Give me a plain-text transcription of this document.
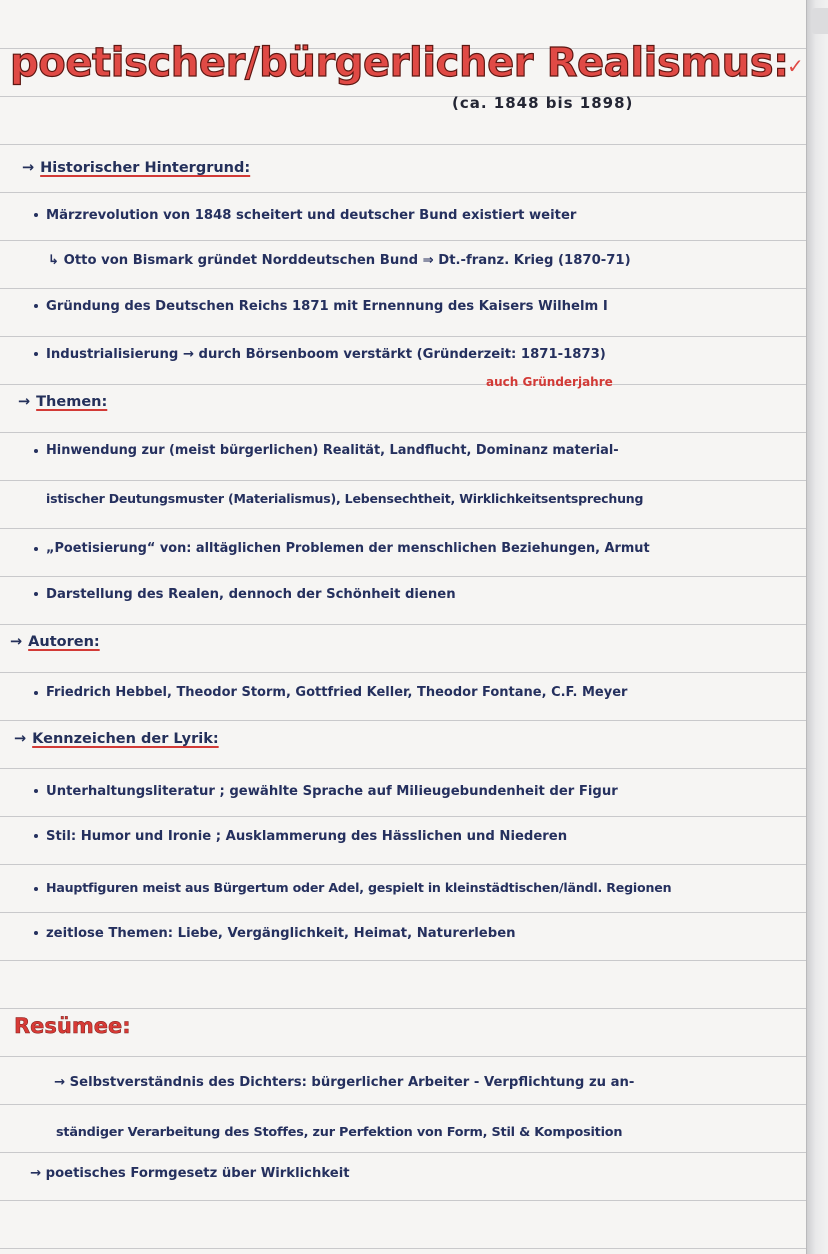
poetischer/bürgerlicher Realismus:
✓
(ca. 1848 bis 1898)
→ Historischer Hintergrund:
Märzrevolution von 1848 scheitert und deutscher Bund existiert weiter
↳ Otto von Bismark gründet Norddeutschen Bund ⇒ Dt.-franz. Krieg (1870-71)
Gründung des Deutschen Reichs 1871 mit Ernennung des Kaisers Wilhelm I
Industrialisierung → durch Börsenboom verstärkt (Gründerzeit: 1871-1873)
auch Gründerjahre
→ Themen:
Hinwendung zur (meist bürgerlichen) Realität, Landflucht, Dominanz material-
istischer Deutungsmuster (Materialismus), Lebensechtheit, Wirklichkeitsentsprechung
„Poetisierung“ von: alltäglichen Problemen der menschlichen Beziehungen, Armut
Darstellung des Realen, dennoch der Schönheit dienen
→ Autoren:
Friedrich Hebbel, Theodor Storm, Gottfried Keller, Theodor Fontane, C.F. Meyer
→ Kennzeichen der Lyrik:
Unterhaltungsliteratur ; gewählte Sprache auf Milieugebundenheit der Figur
Stil: Humor und Ironie ; Ausklammerung des Hässlichen und Niederen
Hauptfiguren meist aus Bürgertum oder Adel, gespielt in kleinstädtischen/ländl. Regionen
zeitlose Themen: Liebe, Vergänglichkeit, Heimat, Naturerleben
Resümee:
→ Selbstverständnis des Dichters: bürgerlicher Arbeiter - Verpflichtung zu an-
ständiger Verarbeitung des Stoffes, zur Perfektion von Form, Stil & Komposition
→ poetisches Formgesetz über Wirklichkeit
